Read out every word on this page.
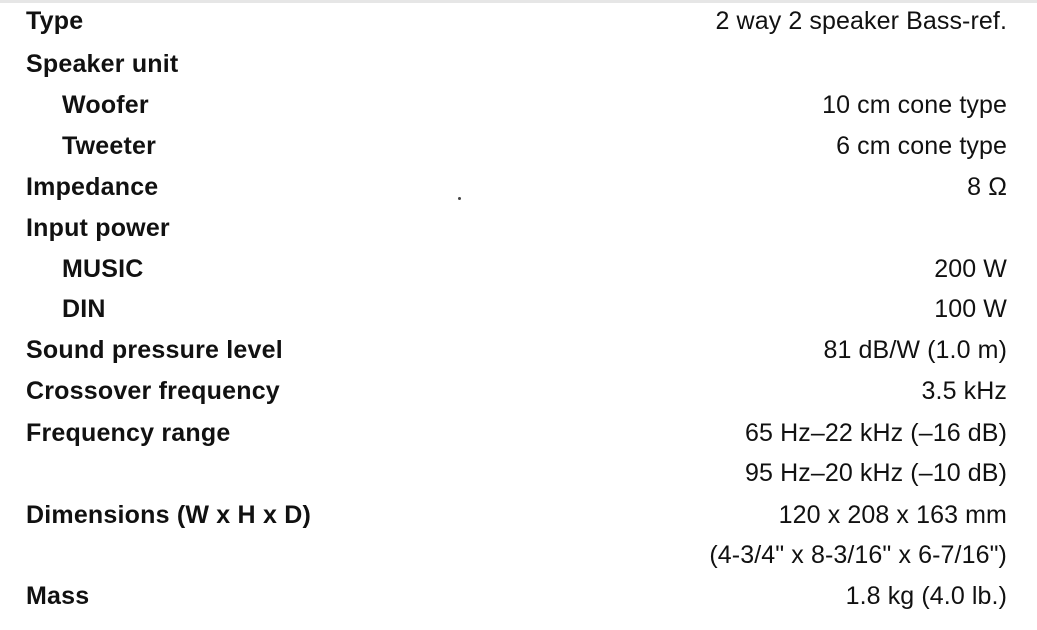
Type	2 way 2 speaker Bass-ref.
Speaker unit
Woofer	10 cm cone type
Tweeter	6 cm cone type
Impedance	8 Ω
Input power
MUSIC	200 W
DIN	100 W
Sound pressure level	81 dB/W (1.0 m)
Crossover frequency	3.5 kHz
Frequency range	65 Hz–22 kHz (–16 dB)
95 Hz–20 kHz (–10 dB)
Dimensions (W x H x D)	120 x 208 x 163 mm
(4-3/4" x 8-3/16" x 6-7/16")
Mass	1.8 kg (4.0 lb.)
